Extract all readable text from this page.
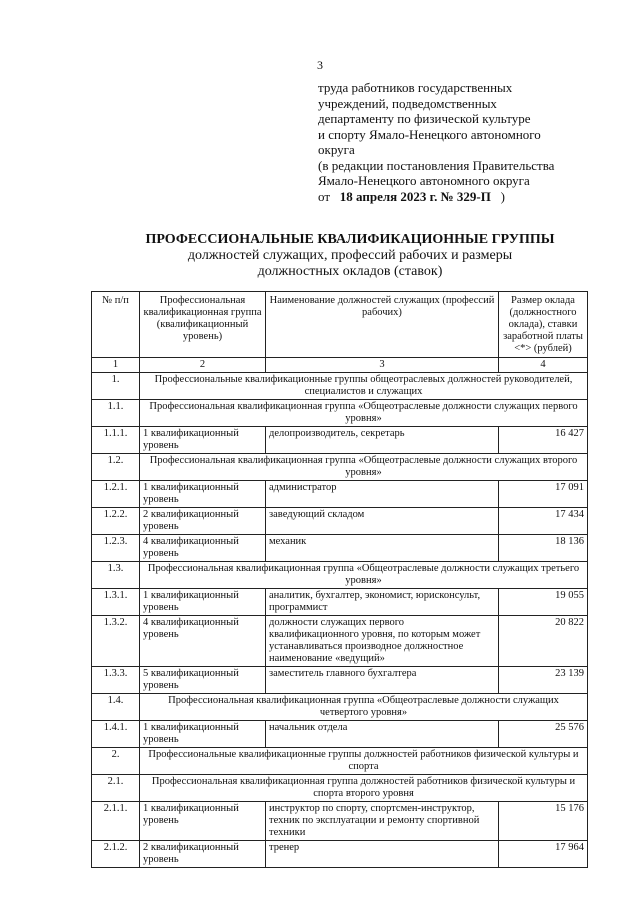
3
труда работников государственных
учреждений, подведомственных
департаменту по физической культуре
и спорту Ямало-Ненецкого автономного
округа
(в редакции постановления Правительства
Ямало-Ненецкого автономного округа
от 18 апреля 2023 г. № 329-П )
ПРОФЕССИОНАЛЬНЫЕ КВАЛИФИКАЦИОННЫЕ ГРУППЫ
должностей служащих, профессий рабочих и размеры
должностных окладов (ставок)
№ п/п	Профессиональная квалификационная группа (квалификационный уровень)	Наименование должностей служащих (профессий рабочих)	Размер оклада (должностного оклада), ставки заработной платы <*> (рублей)
1	2	3	4
1.	Профессиональные квалификационные группы общеотраслевых должностей руководителей, специалистов и служащих		
1.1.	Профессиональная квалификационная группа «Общеотраслевые должности служащих первого уровня»		
1.1.1.	1 квалификационный уровень	делопроизводитель, секретарь	16 427
1.2.	Профессиональная квалификационная группа «Общеотраслевые должности служащих второго уровня»		
1.2.1.	1 квалификационный уровень	администратор	17 091
1.2.2.	2 квалификационный уровень	заведующий складом	17 434
1.2.3.	4 квалификационный уровень	механик	18 136
1.3.	Профессиональная квалификационная группа «Общеотраслевые должности служащих третьего уровня»		
1.3.1.	1 квалификационный уровень	аналитик, бухгалтер, экономист, юрисконсульт, программист	19 055
1.3.2.	4 квалификационный уровень	должности служащих первого квалификационного уровня, по которым может устанавливаться производное должностное наименование «ведущий»	20 822
1.3.3.	5 квалификационный уровень	заместитель главного бухгалтера	23 139
1.4.	Профессиональная квалификационная группа «Общеотраслевые должности служащих четвертого уровня»		
1.4.1.	1 квалификационный уровень	начальник отдела	25 576
2.	Профессиональные квалификационные группы должностей работников физической культуры и спорта		
2.1.	Профессиональная квалификационная группа должностей работников физической культуры и спорта второго уровня		
2.1.1.	1 квалификационный уровень	инструктор по спорту, спортсмен-инструктор, техник по эксплуатации и ремонту спортивной техники	15 176
2.1.2.	2 квалификационный уровень	тренер	17 964
